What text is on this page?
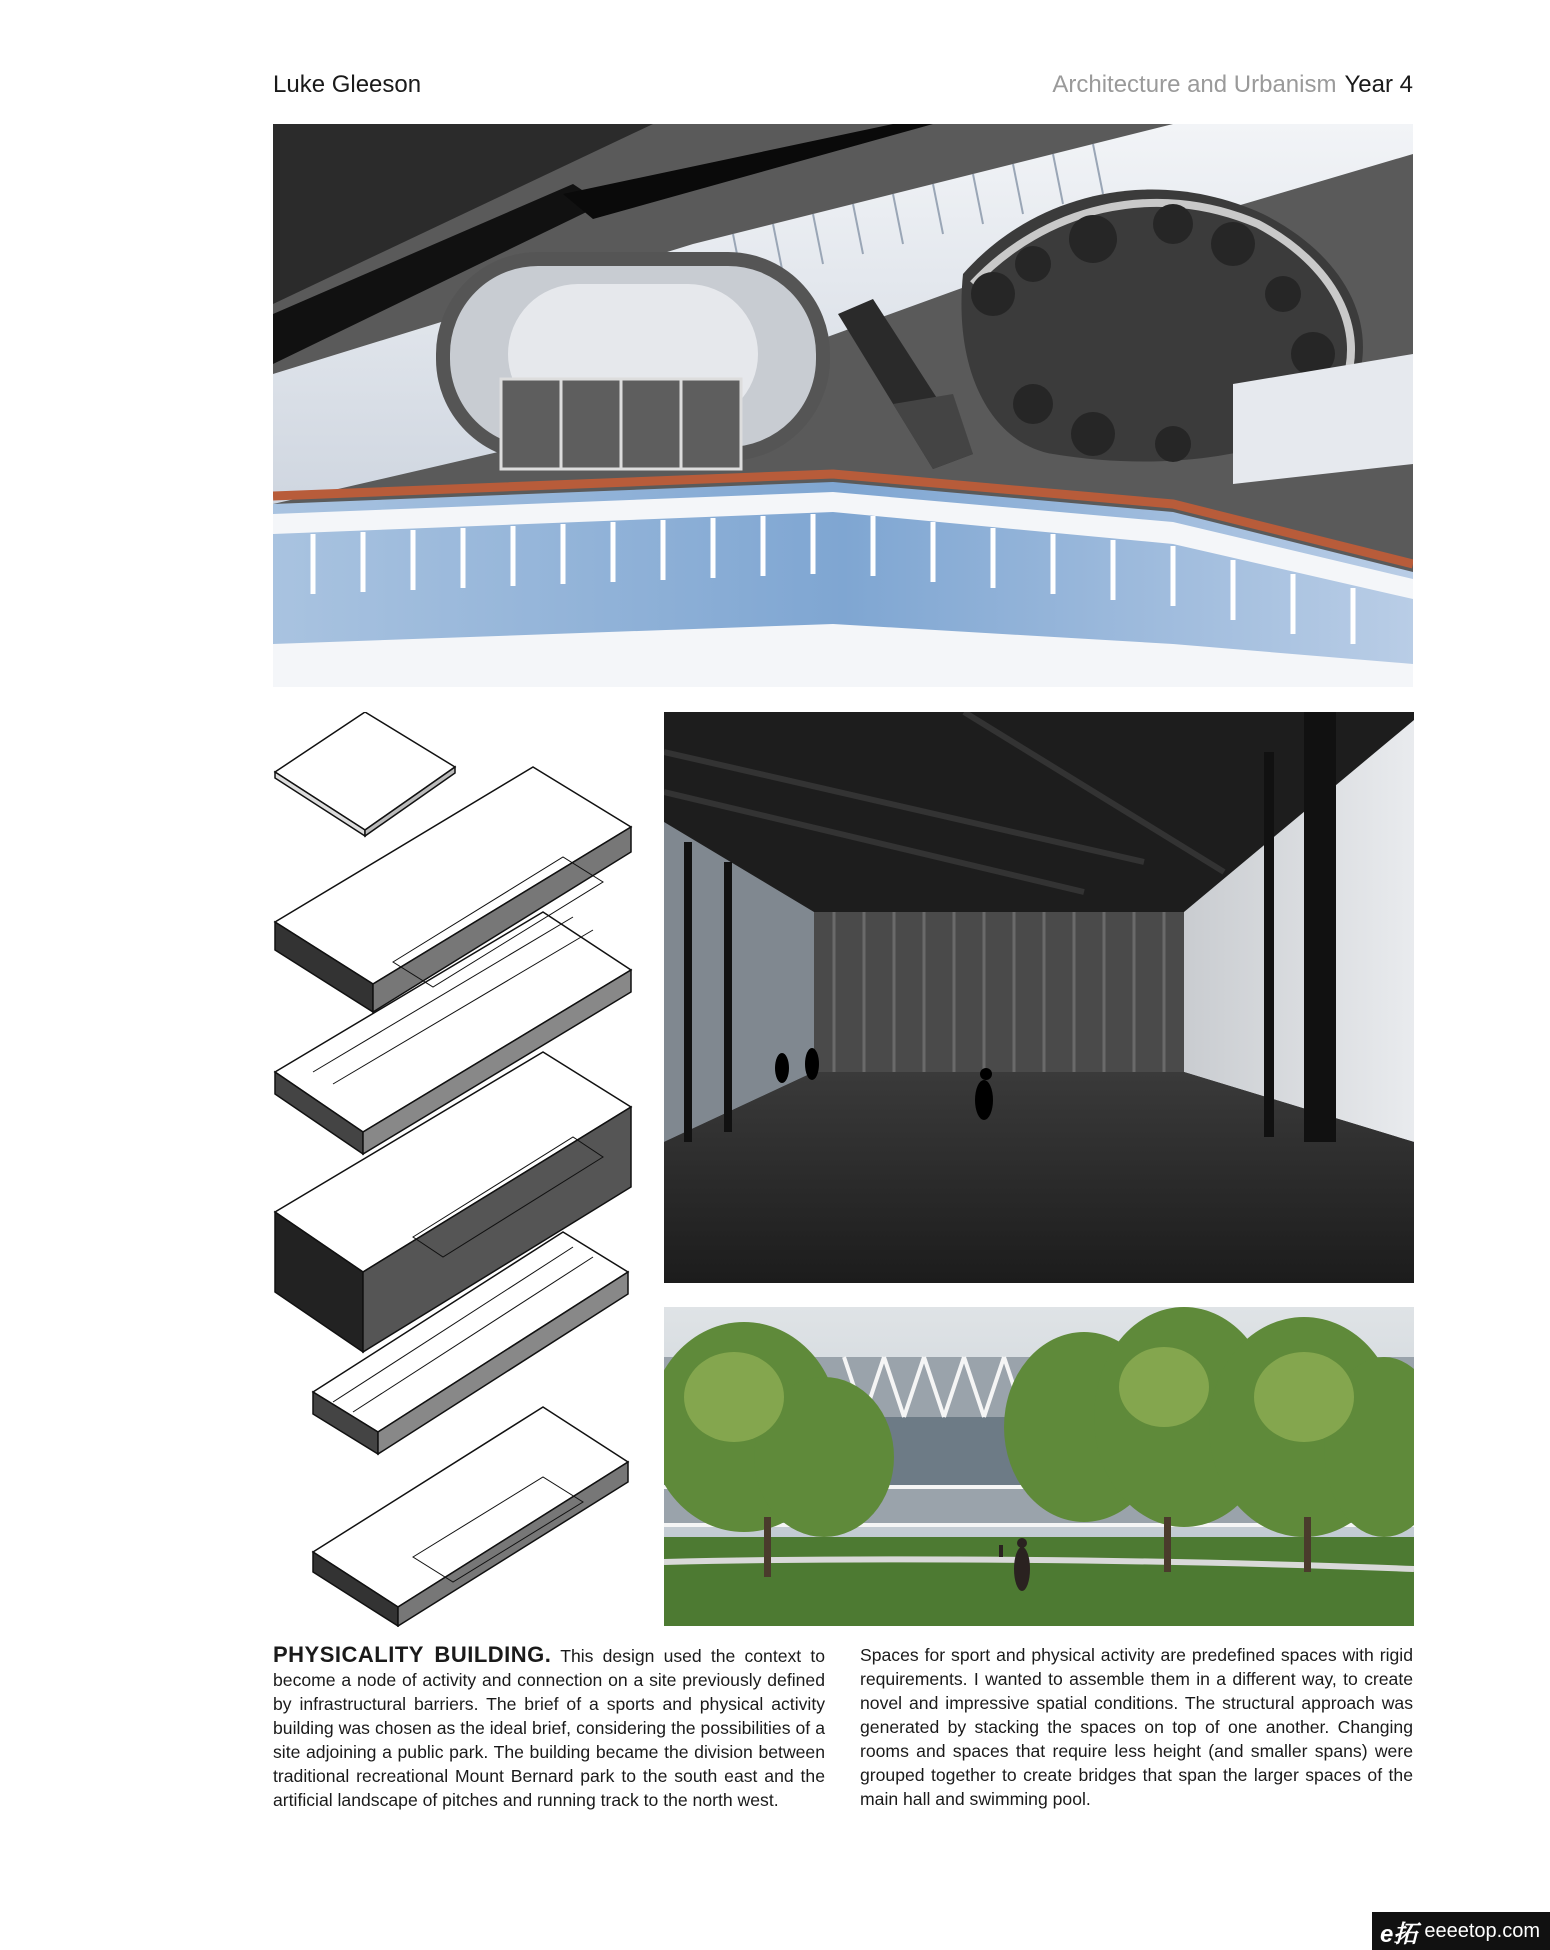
Luke Gleeson	Architecture and Urbanism Year 4
PHYSICALITY BUILDING. This design used the context to become a node of activity and connection on a site previously defined by infrastructural barriers. The brief of a sports and physical activity building was chosen as the ideal brief, considering the possibilities of a site adjoining a public park. The building became the division between traditional recreational Mount Bernard park to the south east and the artificial landscape of pitches and running track to the north west.
Spaces for sport and physical activity are predefined spaces with rigid requirements. I wanted to assemble them in a different way, to create novel and impressive spatial conditions. The structural approach was generated by stacking the spaces on top of one another. Changing rooms and spaces that require less height (and smaller spans) were grouped together to create bridges that span the larger spaces of the main hall and swimming pool.
e拓 eeeetop.com
